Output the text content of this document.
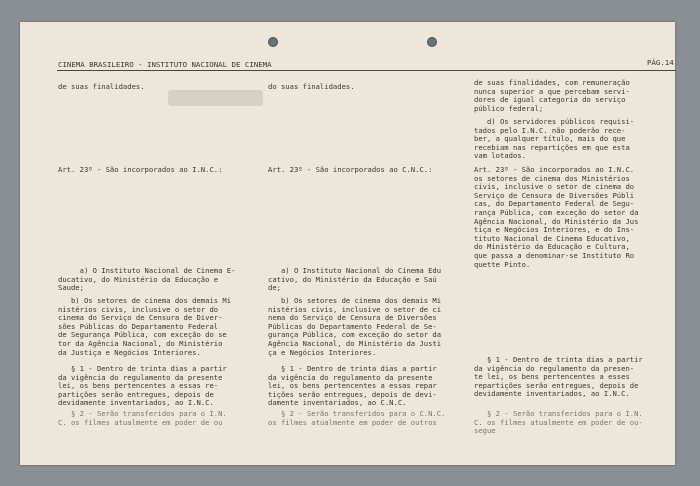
CINEMA BRASILEIRO - INSTITUTO NACIONAL DE CINEMA	PÁG.14
de suas finalidades.
Art. 23º - São incorporados ao I.N.C.:
a) O Instituto Nacional de Cinema E-
ducativo, do Ministério da Educação e
Saude;
b) Os setores de cinema dos demais Mi
nistérios civis, inclusive o setor do
cinema do Serviço de Censura de Diver-
sões Públicas do Departamento Federal
de Segurança Pública, com exceção do se
tor da Agência Nacional, do Ministério
da Justiça e Negócios Interiores.
§ 1 - Dentro de trinta dias a partir
da vigência do regulamento da presente
lei, os bens pertencentes a essas re-
partições serão entregues, depois de
devidamente inventariados, ao I.N.C.
§ 2 - Serão transferidos para o I.N.
C. os filmes atualmente em poder de ou
do suas finalidades.
Art. 23º - São incorporados ao C.N.C.:
a) O Instituto Nacional do Cinema Edu
cativo, do Ministério da Educação e Saú
de;
b) Os setores de cinema dos demais Mi
nistérios civis, inclusive o setor de ci
nema do Serviço de Censura de Diversões
Públicas do Departamento Federal de Se-
gurança Pública, com exceção do setor da
Agência Nacional, do Ministério da Justi
ça e Negócios Interiores.
§ 1 - Dentro de trinta dias a partir
da vigência do regulamento da presente
lei, os bens pertencentes a essas repar
tições serão entregues, depois de devi-
damente inventariados, ao C.N.C.
§ 2 - Serão transferidos para o C.N.C.
os filmes atualmente em poder de outros
de suas finalidades, com remuneração
nunca superior a que percebam servi-
dores de igual categoria do serviço
público federal;
d) Os servidores públicos requisi-
tados pelo I.N.C. não poderão rece-
ber, a qualquer título, mais do que
recebiam nas repartições em que esta
vam lotados.
Art. 23º - São incorporados ao I.N.C.
os setores de cinema dos Ministérios
civis, inclusive o setor de cinema do
Serviço de Censura de Diversões Públi
cas, do Departamento Federal de Segu-
rança Pública, com exceção do setor da
Agência Nacional, do Ministério da Jus
tiça e Negócios Interiores, e do Ins-
tituto Nacional de Cinema Educativo,
do Ministério da Educação e Cultura,
que passa a denominar-se Instituto Ro
quette Pinto.
§ 1 - Dentro de trinta dias a partir
da vigência do regulamento da presen-
te lei, os bens pertencentes a esses
repartições serão entregues, depois de
devidamente inventariados, ao I.N.C.
§ 2 - Serão transferidos para o I.N.
C. os filmes atualmente em poder de ou-
segue
